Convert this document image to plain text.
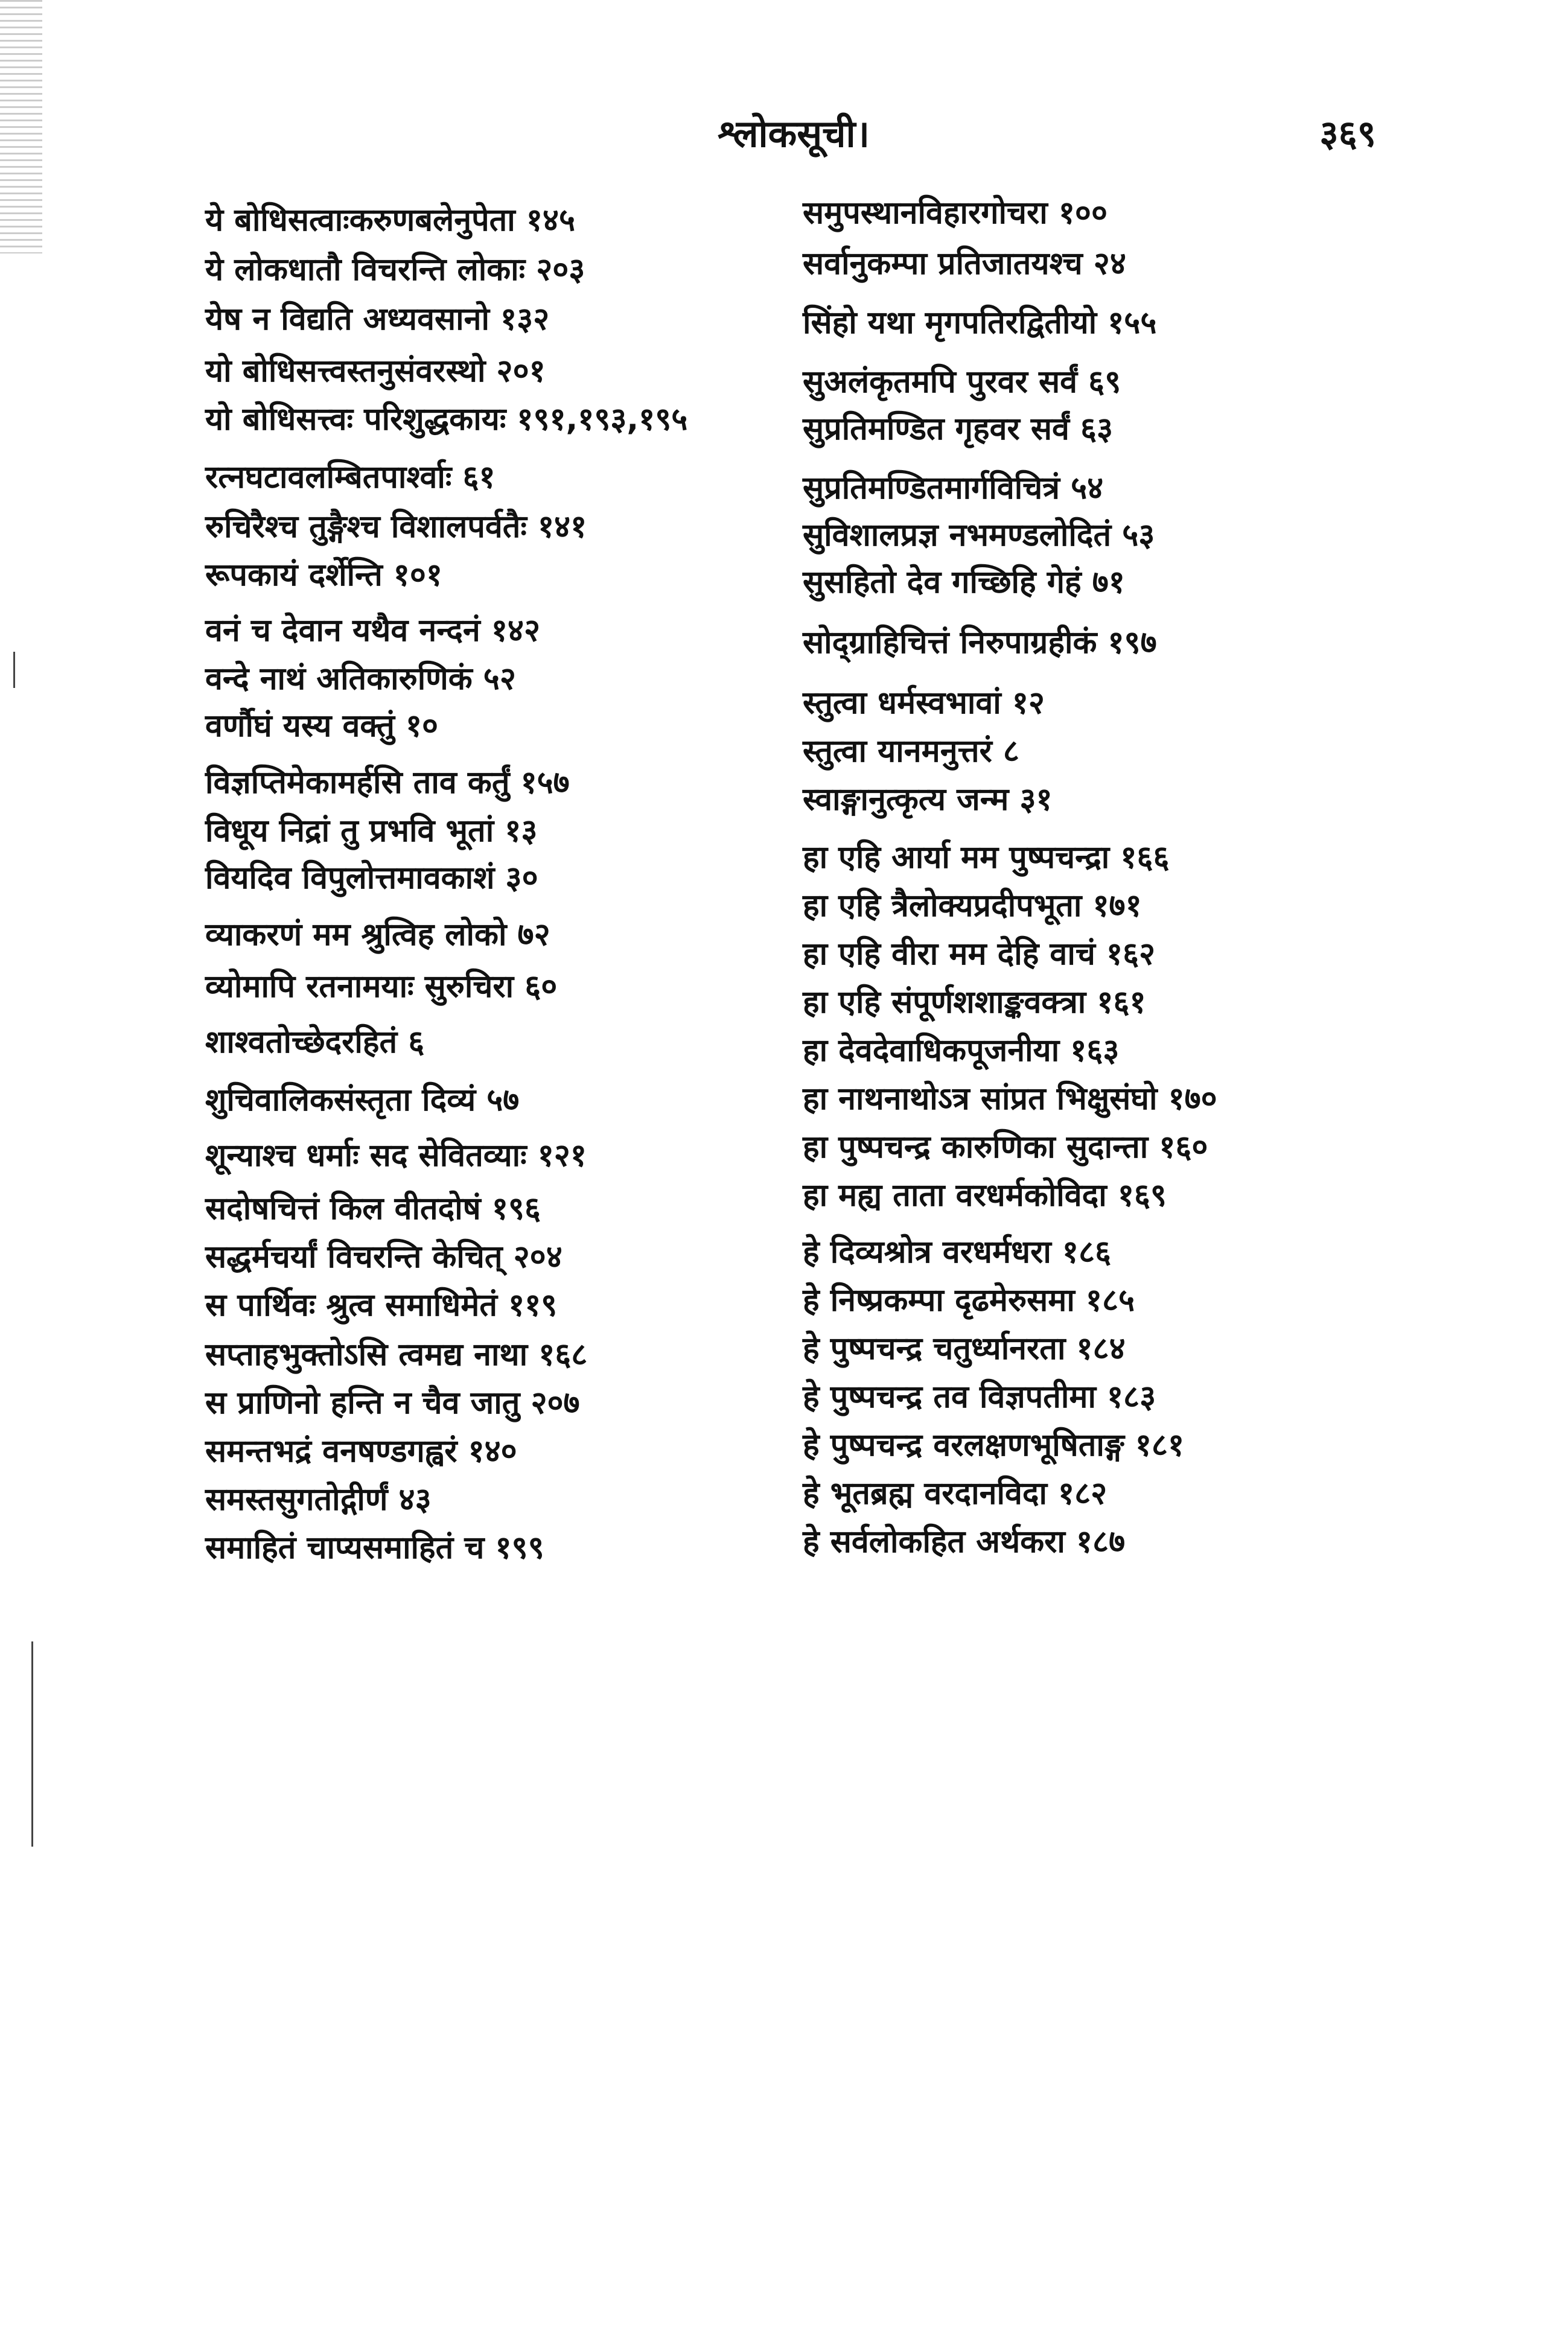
श्लोकसूची।	३६९

ये बोधिसत्वाःकरुणबलेनुपेता १४५

ये लोकधातौ विचरन्ति लोकाः २०३

येष न विद्यति अध्यवसानो १३२

यो बोधिसत्त्वस्तनुसंवरस्थो २०१

यो बोधिसत्त्वः परिशुद्धकायः १९१,१९३,१९५

रत्नघटावलम्बितपार्श्वाः ६१

रुचिरैश्च तुङ्गैश्च विशालपर्वतैः १४१

रूपकायं दर्शेन्ति १०१

वनं च देवान यथैव नन्दनं १४२

वन्दे नाथं अतिकारुणिकं ५२

वर्णौघं यस्य वक्तुं १०

विज्ञप्तिमेकामर्हसि ताव कर्तुं १५७

विधूय निद्रां तु प्रभवि भूतां १३

वियदिव विपुलोत्तमावकाशं ३०

व्याकरणं मम श्रुत्विह लोको ७२

व्योमापि रतनामयाः सुरुचिरा ६०

शाश्वतोच्छेदरहितं ६

शुचिवालिकसंस्तृता दिव्यं ५७

शून्याश्च धर्माः सद सेवितव्याः १२१

सदोषचित्तं किल वीतदोषं १९६

सद्धर्मचर्यां विचरन्ति केचित् २०४

स पार्थिवः श्रुत्व समाधिमेतं ११९

सप्ताहभुक्तोऽसि त्वमद्य नाथा १६८

स प्राणिनो हन्ति न चैव जातु २०७

समन्तभद्रं वनषण्डगह्वरं १४०

समस्तसुगतोद्गीर्णं ४३

समाहितं चाप्यसमाहितं च १९९

समुपस्थानविहारगोचरा १००

सर्वानुकम्पा प्रतिजातयश्च २४

सिंहो यथा मृगपतिरद्वितीयो १५५

सुअलंकृतमपि पुरवर सर्वं ६९

सुप्रतिमण्डित गृहवर सर्वं ६३

सुप्रतिमण्डितमार्गविचित्रं ५४

सुविशालप्रज्ञ नभमण्डलोदितं ५३

सुसहितो देव गच्छिहि गेहं ७१

सोद्ग्राहिचित्तं निरुपाग्रहीकं १९७

स्तुत्वा धर्मस्वभावां १२

स्तुत्वा यानमनुत्तरं ८

स्वाङ्गानुत्कृत्य जन्म ३१

हा एहि आर्या मम पुष्पचन्द्रा १६६

हा एहि त्रैलोक्यप्रदीपभूता १७१

हा एहि वीरा मम देहि वाचं १६२

हा एहि संपूर्णशशाङ्कवक्त्रा १६१

हा देवदेवाधिकपूजनीया १६३

हा नाथनाथोऽत्र सांप्रत भिक्षुसंघो १७०

हा पुष्पचन्द्र कारुणिका सुदान्ता १६०

हा मह्य ताता वरधर्मकोविदा १६९

हे दिव्यश्रोत्र वरधर्मधरा १८६

हे निष्प्रकम्पा दृढमेरुसमा १८५

हे पुष्पचन्द्र चतुर्ध्यानरता १८४

हे पुष्पचन्द्र तव विज्ञपतीमा १८३

हे पुष्पचन्द्र वरलक्षणभूषिताङ्ग १८१

हे भूतब्रह्म वरदानविदा १८२

हे सर्वलोकहित अर्थकरा १८७
